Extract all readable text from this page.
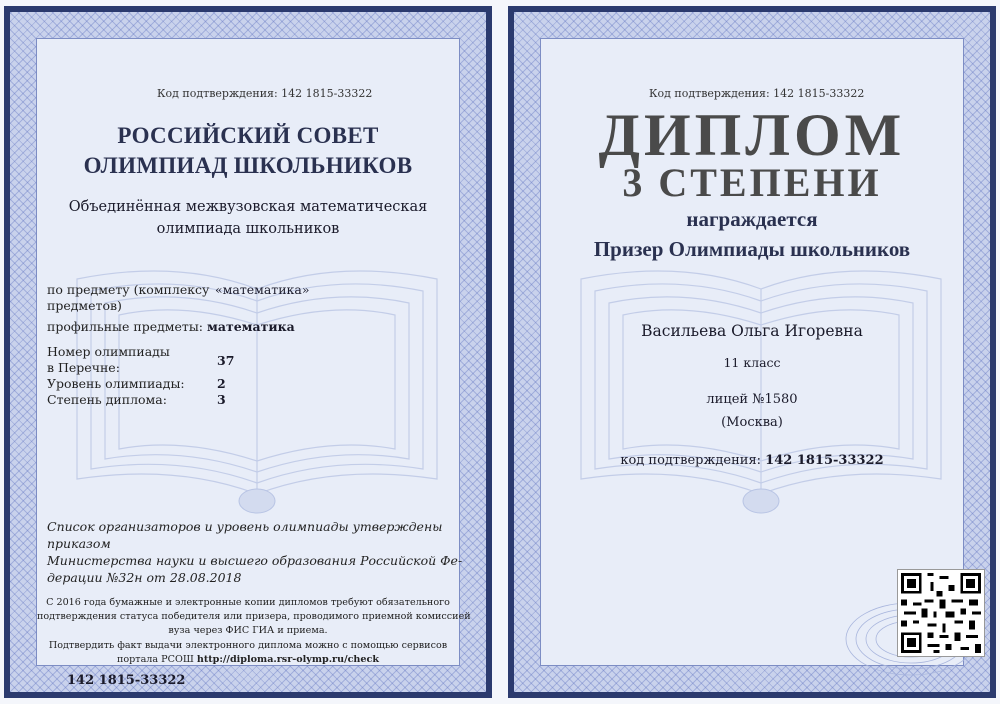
Код подтверждения: 142 1815-33322
РОССИЙСКИЙ СОВЕТ
ОЛИМПИАД ШКОЛЬНИКОВ
Объединённая межвузовская математическая
олимпиада школьников
по предмету (комплексу
предметов)
«математика»
профильные предметы: математика
Номер олимпиады
в Перечне:	37
Уровень олимпиады:	2
Степень диплома:	3
Список организаторов и уровень олимпиады утверждены
приказом
Министерства науки и высшего образования Российской Фе-
дерации №32н от 28.08.2018
С 2016 года бумажные и электронные копии дипломов требуют обязательного
подтверждения статуса победителя или призера, проводимого приемной комиссией
вуза через ФИС ГИА и приема.
Подтвердить факт выдачи электронного диплома можно с помощью сервисов
портала РСОШ http://diploma.rsr-olymp.ru/check
142 1815-33322
Код подтверждения: 142 1815-33322
ДИПЛОМ
3 СТЕПЕНИ
награждается
Призер Олимпиады школьников
Васильева Ольга Игоревна
11 класс
лицей №1580
(Москва)
код подтверждения: 142 1815-33322
